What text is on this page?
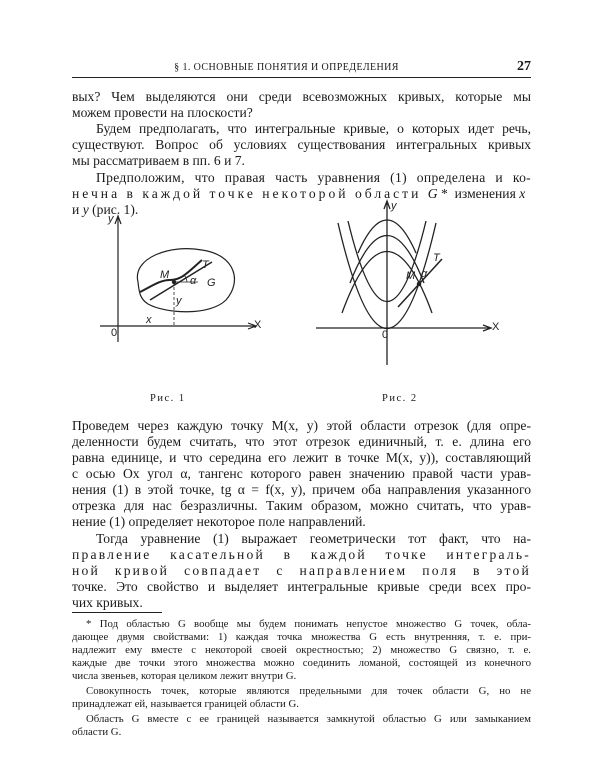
§ 1. ОСНОВНЫЕ ПОНЯТИЯ И ОПРЕДЕЛЕНИЯ	27

вых? Чем выделяются они среди всевозможных кривых, которые мы

можем провести на плоскости?

Будем предполагать, что интегральные кривые, о которых идет речь,

существуют. Вопрос об условиях существования интегральных кривых

мы рассматриваем в пп. 6 и 7.

Предположим, что правая часть уравнения (1) определена и ко-

нечна в каждой точке некоторой области G * изменения x и y (рис. 1).

y
X
0
M
T
α G
x
y
Рис. 1
y
X
0
M
T
α
Рис. 2

Проведем через каждую точку M(x, y) этой области отрезок (для опре-

деленности будем считать, что этот отрезок единичный, т. е. длина его

равна единице, и что середина его лежит в точке M(x, y)), составляющий

с осью Ox угол α, тангенс которого равен значению правой части урав-

нения (1) в этой точке, tg α = f(x, y), причем оба направления указанного

отрезка для нас безразличны. Таким образом, можно считать, что урав-

нение (1) определяет некоторое поле направлений.

Тогда уравнение (1) выражает геометрически тот факт, что на-

правление касательной в каждой точке интеграль-

ной кривой совпадает с направлением поля в этой

точке. Это свойство и выделяет интегральные кривые среди всех про-

чих кривых.

* Под областью G вообще мы будем понимать непустое множество G точек, обла-

дающее двумя свойствами: 1) каждая точка множества G есть внутренняя, т. е. при-

надлежит ему вместе с некоторой своей окрестностью; 2) множество G связно, т. е.

каждые две точки этого множества можно соединить ломаной, состоящей из конечного

числа звеньев, которая целиком лежит внутри G.

Совокупность точек, которые являются предельными для точек области G, но не

принадлежат ей, называется границей области G.

Область G вместе с ее границей называется замкнутой областью G или замыканием

области G.
